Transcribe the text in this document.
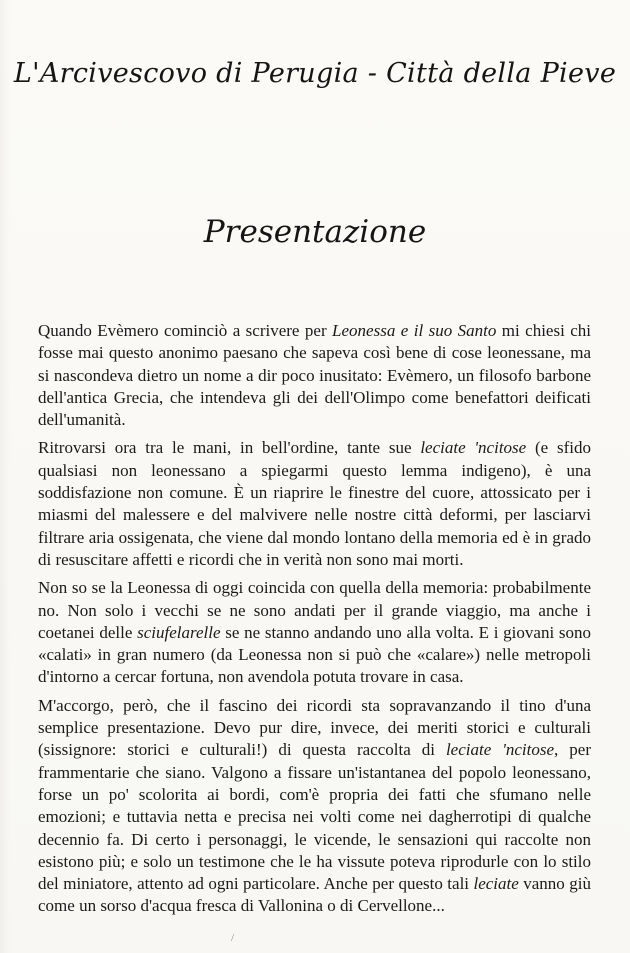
L'Arcivescovo di Perugia - Città della Pieve
Presentazione

Quando Evèmero cominciò a scrivere per Leonessa e il suo Santo mi chiesi chi fosse mai questo anonimo paesano che sapeva così bene di cose leonessane, ma si nascondeva dietro un nome a dir poco inusitato: Evèmero, un filosofo barbone dell'antica Grecia, che intendeva gli dei dell'Olimpo come benefattori deificati dell'umanità.

Ritrovarsi ora tra le mani, in bell'ordine, tante sue leciate 'ncitose (e sfido qualsiasi non leonessano a spiegarmi questo lemma indigeno), è una soddisfazione non comune. È un riaprire le finestre del cuore, attossicato per i miasmi del malessere e del malvivere nelle nostre città deformi, per lasciarvi filtrare aria ossigenata, che viene dal mondo lontano della memoria ed è in grado di resuscitare affetti e ricordi che in verità non sono mai morti.

Non so se la Leonessa di oggi coincida con quella della memoria: probabilmente no. Non solo i vecchi se ne sono andati per il grande viaggio, ma anche i coetanei delle sciufelarelle se ne stanno andando uno alla volta. E i giovani sono «calati» in gran numero (da Leonessa non si può che «calare») nelle metropoli d'intorno a cercar fortuna, non avendola potuta trovare in casa.

M'accorgo, però, che il fascino dei ricordi sta sopravanzando il tino d'una semplice presentazione. Devo pur dire, invece, dei meriti storici e culturali (sissignore: storici e culturali!) di questa raccolta di leciate 'ncitose, per frammentarie che siano. Valgono a fissare un'istantanea del popolo leonessano, forse un po' scolorita ai bordi, com'è propria dei fatti che sfumano nelle emozioni; e tuttavia netta e precisa nei volti come nei dagherrotipi di qualche decennio fa. Di certo i personaggi, le vicende, le sensazioni qui raccolte non esistono più; e solo un testimone che le ha vissute poteva riprodurle con lo stilo del miniatore, attento ad ogni particolare. Anche per questo tali leciate vanno giù come un sorso d'acqua fresca di Vallonina o di Cervellone...

/
